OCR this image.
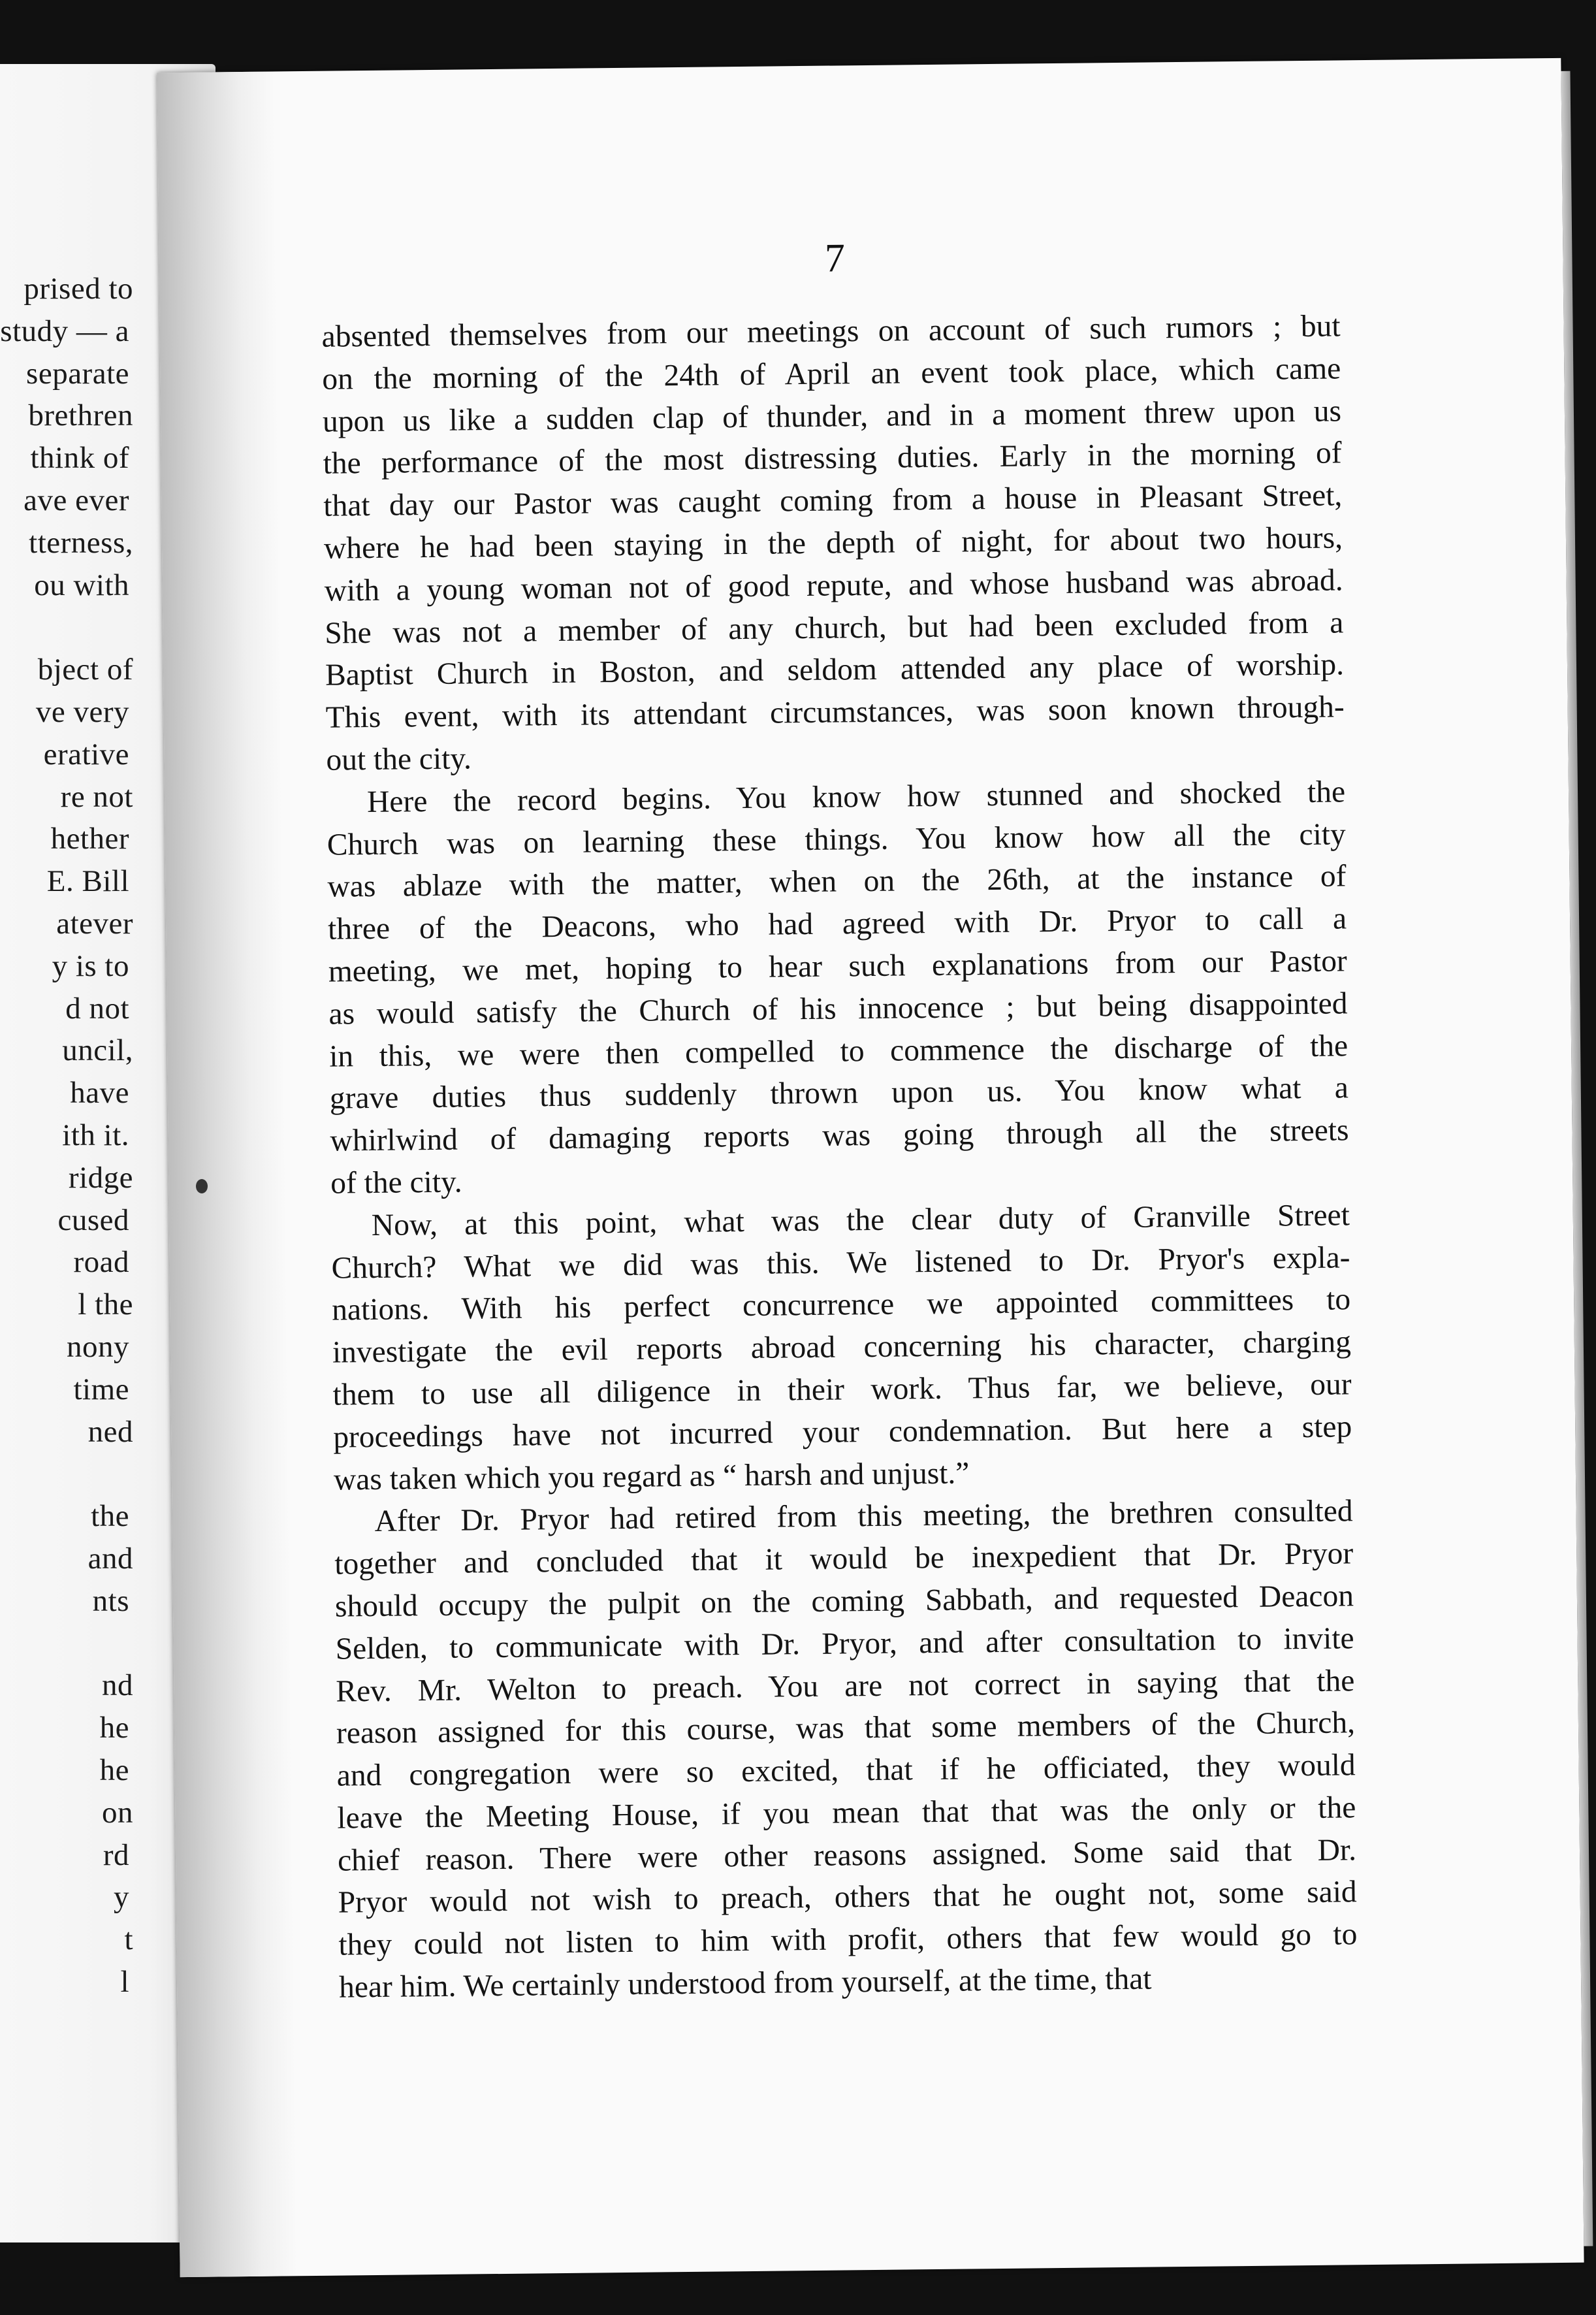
prised to
study — a
separate
brethren
think of
ave ever
tterness,
ou with
bject of
ve very
erative
re not
hether
E. Bill
atever
y is to
d not
uncil,
have
ith it.
ridge
cused
road
l the
nony
time
ned
the
and
nts
nd
he
he
on
rd
y
t
l
7
absented themselves from our meetings on account of such rumors ; but
on the morning of the 24th of April an event took place, which came
upon us like a sudden clap of thunder, and in a moment threw upon us
the performance of the most distressing duties. Early in the morning of
that day our Pastor was caught coming from a house in Pleasant Street,
where he had been staying in the depth of night, for about two hours,
with a young woman not of good repute, and whose husband was abroad.
She was not a member of any church, but had been excluded from a
Baptist Church in Boston, and seldom attended any place of worship.
This event, with its attendant circumstances, was soon known through-
out the city.
Here the record begins. You know how stunned and shocked the
Church was on learning these things. You know how all the city
was ablaze with the matter, when on the 26th, at the instance of
three of the Deacons, who had agreed with Dr. Pryor to call a
meeting, we met, hoping to hear such explanations from our Pastor
as would satisfy the Church of his innocence ; but being disappointed
in this, we were then compelled to commence the discharge of the
grave duties thus suddenly thrown upon us. You know what a
whirlwind of damaging reports was going through all the streets
of the city.
Now, at this point, what was the clear duty of Granville Street
Church? What we did was this. We listened to Dr. Pryor's expla-
nations. With his perfect concurrence we appointed committees to
investigate the evil reports abroad concerning his character, charging
them to use all diligence in their work. Thus far, we believe, our
proceedings have not incurred your condemnation. But here a step
was taken which you regard as “ harsh and unjust.”
After Dr. Pryor had retired from this meeting, the brethren consulted
together and concluded that it would be inexpedient that Dr. Pryor
should occupy the pulpit on the coming Sabbath, and requested Deacon
Selden, to communicate with Dr. Pryor, and after consultation to invite
Rev. Mr. Welton to preach. You are not correct in saying that the
reason assigned for this course, was that some members of the Church,
and congregation were so excited, that if he officiated, they would
leave the Meeting House, if you mean that that was the only or the
chief reason. There were other reasons assigned. Some said that Dr.
Pryor would not wish to preach, others that he ought not, some said
they could not listen to him with profit, others that few would go to
hear him. We certainly understood from yourself, at the time, that
